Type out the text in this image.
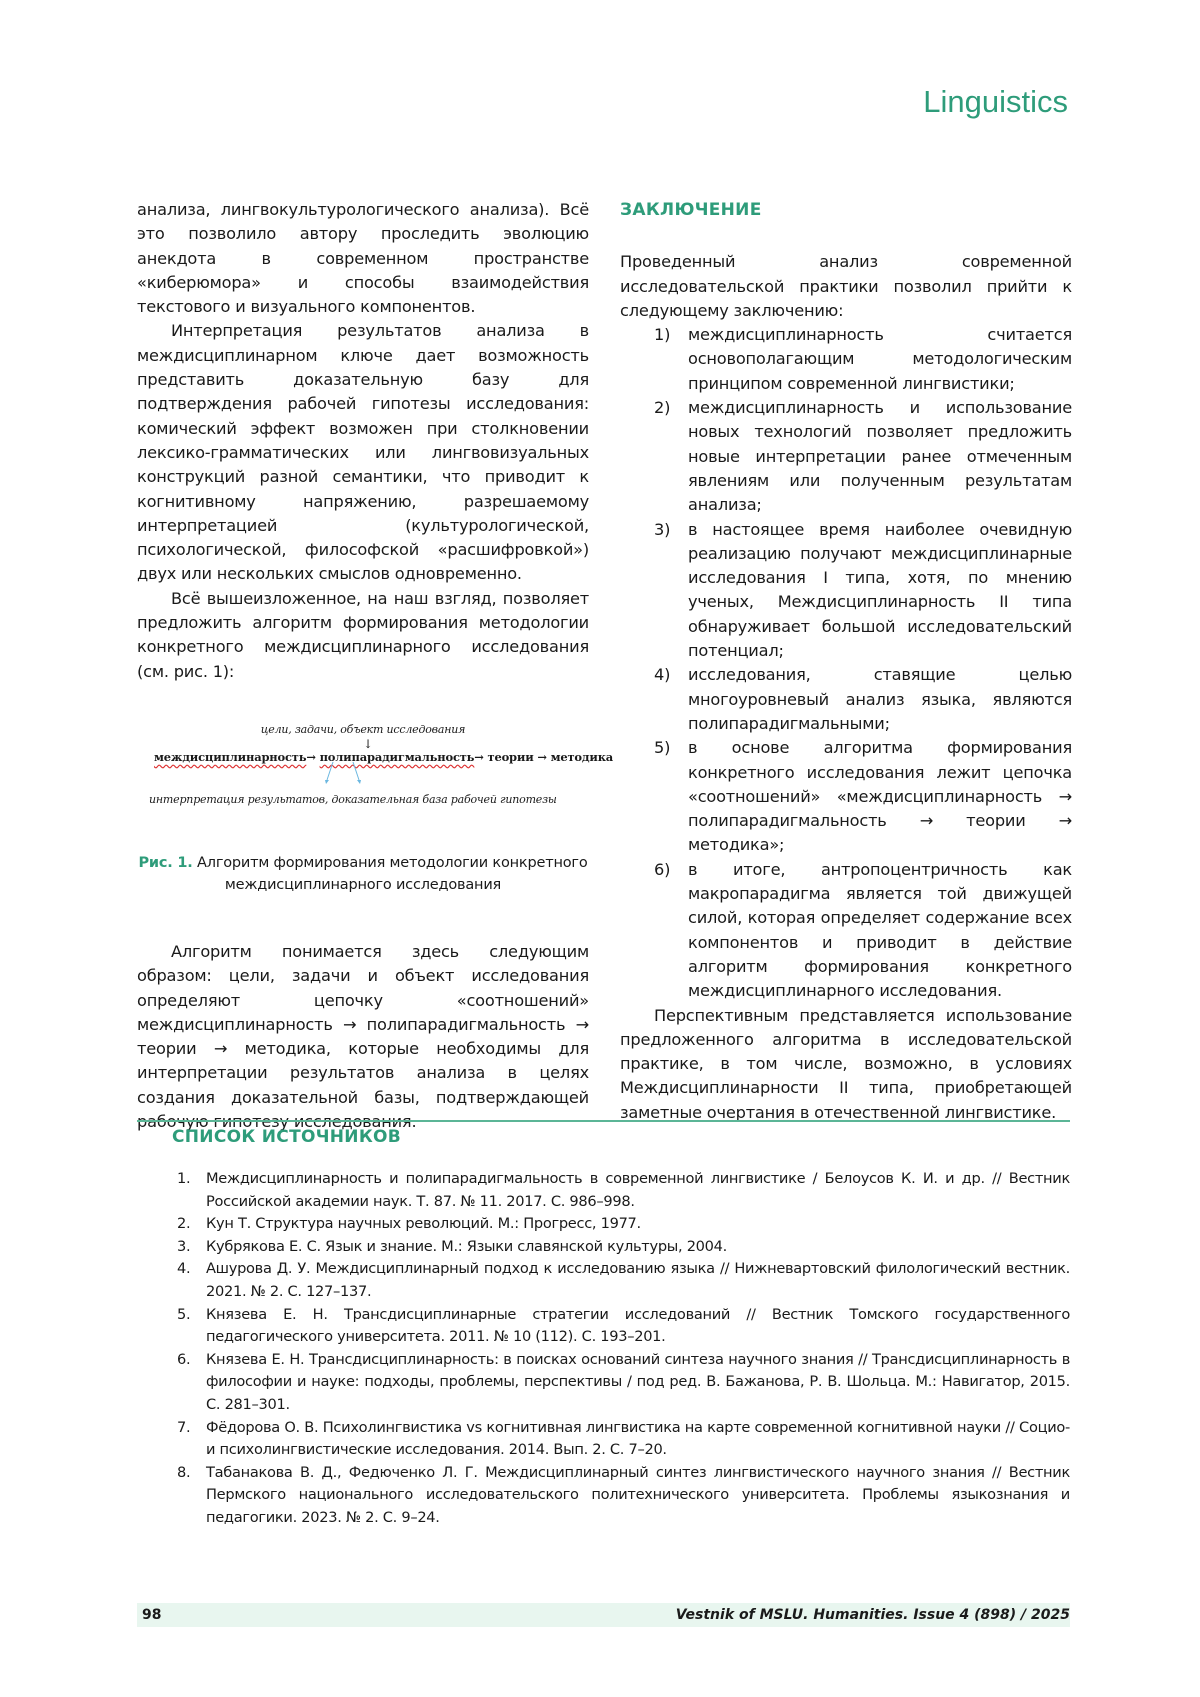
Linguistics

анализа, лингвокультурологического анализа). Всё это позволило автору проследить эволюцию анекдота в современном пространстве «киберюмора» и способы взаимодействия текстового и визуального компонентов.

Интерпретация результатов анализа в междисциплинарном ключе дает возможность представить доказательную базу для подтверждения рабочей гипотезы исследования: комический эффект возможен при столкновении лексико-грамматических или лингвовизуальных конструкций разной семантики, что приводит к когнитивному напряжению, разрешаемому интерпретацией (культурологической, психологической, философской «расшифровкой») двух или нескольких смыслов одновременно.

Всё вышеизложенное, на наш взгляд, позволяет предложить алгоритм формирования методологии конкретного междисциплинарного исследования (см. рис. 1):

цели, задачи, объект исследования
↓
междисциплинарность→ полипарадигмальность→ теории → методика
интерпретация результатов, доказательная база рабочей гипотезы
Рис. 1. Алгоритм формирования методологии конкретного междисциплинарного исследования

Алгоритм понимается здесь следующим образом: цели, задачи и объект исследования определяют цепочку «соотношений» междисциплинарность → полипарадигмальность → теории → методика, которые необходимы для интерпретации результатов анализа в целях создания доказательной базы, подтверждающей

ЗАКЛЮЧЕНИЕ

Проведенный анализ современной исследовательской практики позволил прийти к следующему заключению:

1) междисциплинарность считается основополагающим методологическим принципом современной лингвистики;
2) междисциплинарность и использование новых технологий позволяет предложить новые интерпретации ранее отмеченным явлениям или полученным результатам анализа;
3) в настоящее время наиболее очевидную реализацию получают междисциплинарные исследования I типа, хотя, по мнению ученых, Междисциплинарность II типа обнаруживает большой исследовательский потенциал;
4) исследования, ставящие целью многоуровневый анализ языка, являются полипарадигмальными;
5) в основе алгоритма формирования конкретного исследования лежит цепочка «соотношений» «междисциплинарность → полипарадигмальность → теории → методика»;
6) в итоге, антропоцентричность как макропарадигма является той движущей силой, которая определяет содержание всех компонентов и приводит в действие алгоритм формирования конкретного междисциплинарного исследования.

Перспективным представляется использование предложенного алгоритма в исследовательской практике, в том числе, возможно, в условиях Междисциплинарности II типа, приобретающей заметные очертания в отечественной лингвистике.

СПИСОК ИСТОЧНИКОВ
1. Междисциплинарность и полипарадигмальность в современной лингвистике / Белоусов К. И. и др. // Вестник Российской академии наук. Т. 87. № 11. 2017. С. 986–998.
2. Кун Т. Структура научных революций. М.: Прогресс, 1977.
3. Кубрякова Е. С. Язык и знание. М.: Языки славянской культуры, 2004.
4. Ашурова Д. У. Междисциплинарный подход к исследованию языка // Нижневартовский филологический вестник. 2021. № 2. С. 127–137.
5. Князева Е. Н. Трансдисциплинарные стратегии исследований // Вестник Томского государственного педагогического университета. 2011. № 10 (112). С. 193–201.
6. Князева Е. Н. Трансдисциплинарность: в поисках оснований синтеза научного знания // Трансдисциплинарность в философии и науке: подходы, проблемы, перспективы / под ред. В. Бажанова, Р. В. Шольца. М.: Навигатор, 2015. С. 281–301.
7. Фёдорова О. В. Психолингвистика vs когнитивная лингвистика на карте современной когнитивной науки // Социо- и психолингвистические исследования. 2014. Вып. 2. С. 7–20.
8. Табанакова В. Д., Федюченко Л. Г. Междисциплинарный синтез лингвистического научного знания // Вестник Пермского национального исследовательского политехнического университета. Проблемы языкознания и педагогики. 2023. № 2. С. 9–24.
98	Vestnik of MSLU. Humanities. Issue 4 (898) / 2025
